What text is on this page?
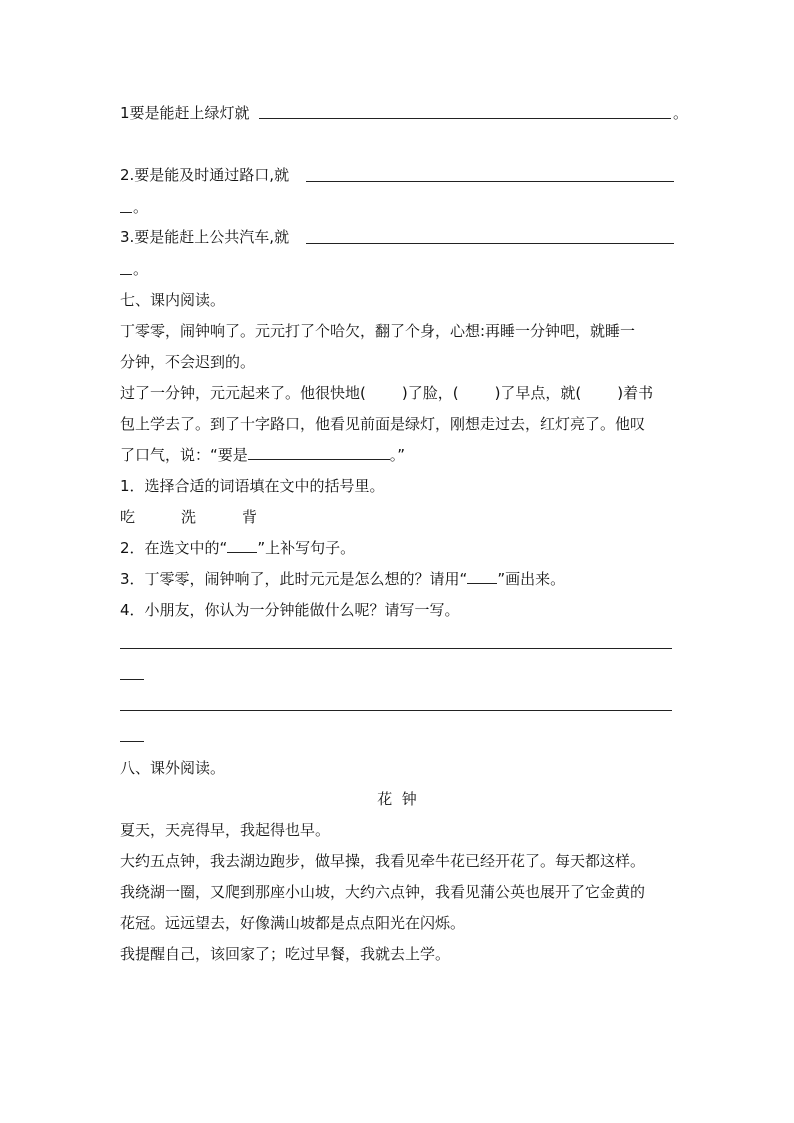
1要是能赶上绿灯就	。
2.要是能及时通过路口,就
。
3.要是能赶上公共汽车,就
。
七、课内阅读。
丁零零，闹钟响了。元元打了个哈欠，翻了个身，心想:再睡一分钟吧，就睡一
分钟，不会迟到的。
过了一分钟，元元起来了。他很快地( )了脸，( )了早点，就( )着书
包上学去了。到了十字路口，他看见前面是绿灯，刚想走过去，红灯亮了。他叹
了口气，说：“要是	。”
1．选择合适的词语填在文中的括号里。
吃	洗	背
2．在选文中的“ ”上补写句子。
3．丁零零，闹钟响了，此时元元是怎么想的？请用“ ”画出来。
4．小朋友，你认为一分钟能做什么呢？请写一写。
八、课外阅读。
花  钟
夏天，天亮得早，我起得也早。
大约五点钟，我去湖边跑步，做早操，我看见牵牛花已经开花了。每天都这样。
我绕湖一圈，又爬到那座小山坡，大约六点钟，我看见蒲公英也展开了它金黄的
花冠。远远望去，好像满山坡都是点点阳光在闪烁。
我提醒自己，该回家了；吃过早餐，我就去上学。
